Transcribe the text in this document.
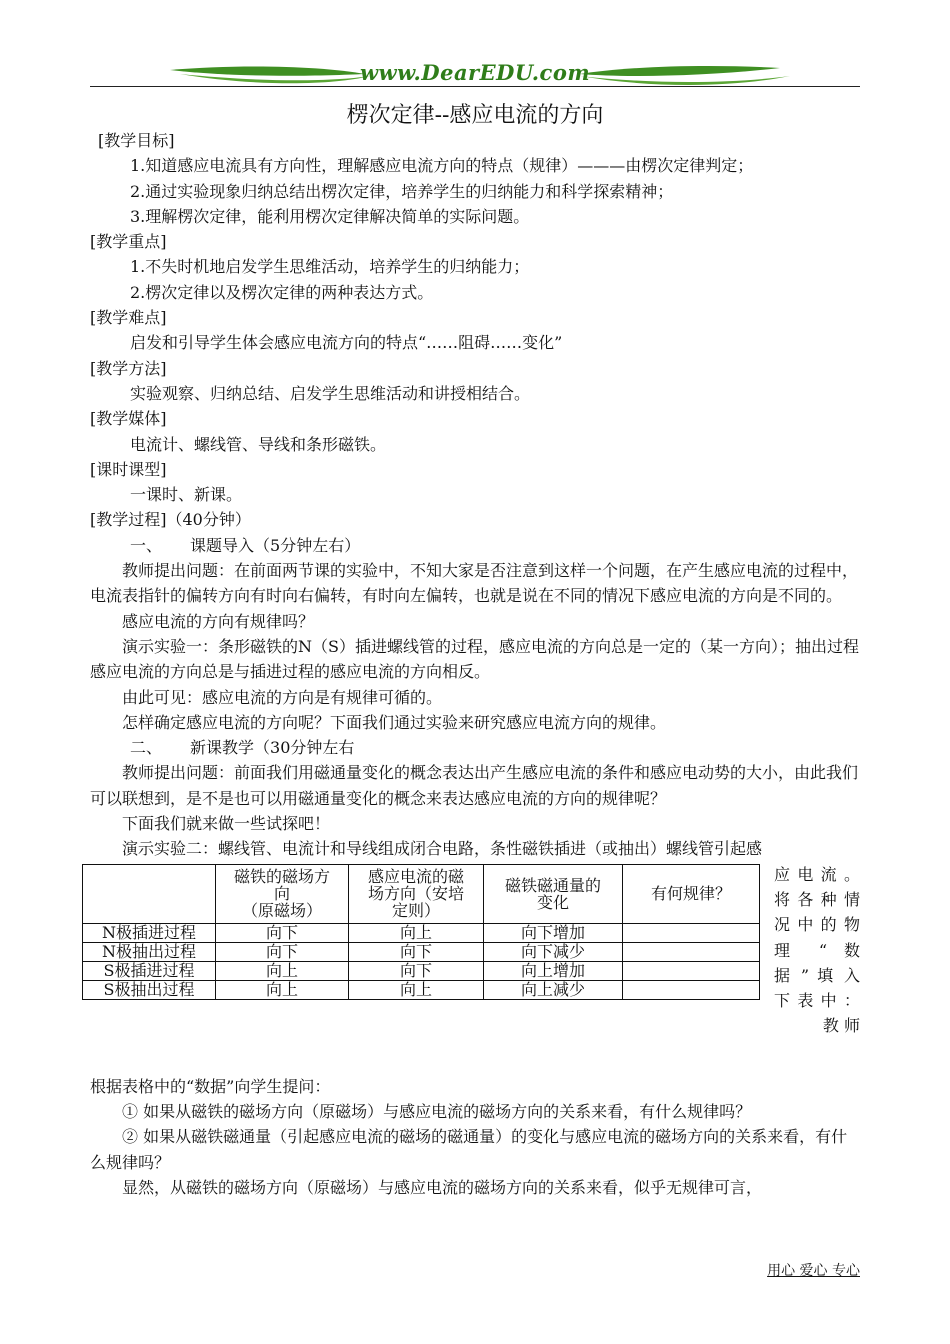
www.DearEDU.com
楞次定律--感应电流的方向

[教学目标]

1.知道感应电流具有方向性，理解感应电流方向的特点（规律）———由楞次定律判定；

2.通过实验现象归纳总结出楞次定律，培养学生的归纳能力和科学探索精神；

3.理解楞次定律，能利用楞次定律解决简单的实际问题。

[教学重点]

1.不失时机地启发学生思维活动，培养学生的归纳能力；

2.楞次定律以及楞次定律的两种表达方式。

[教学难点]

启发和引导学生体会感应电流方向的特点“……阻碍……变化”

[教学方法]

实验观察、归纳总结、启发学生思维活动和讲授相结合。

[教学媒体]

电流计、螺线管、导线和条形磁铁。

[课时课型]

一课时、新课。

[教学过程]（40分钟）

一、 课题导入（5分钟左右）

教师提出问题：在前面两节课的实验中，不知大家是否注意到这样一个问题，在产生感应电流的过程中，电流表指针的偏转方向有时向右偏转，有时向左偏转，也就是说在不同的情况下感应电流的方向是不同的。

感应电流的方向有规律吗？

演示实验一：条形磁铁的N（S）插进螺线管的过程，感应电流的方向总是一定的（某一方向）；抽出过程感应电流的方向总是与插进过程的感应电流的方向相反。

由此可见：感应电流的方向是有规律可循的。

怎样确定感应电流的方向呢？下面我们通过实验来研究感应电流方向的规律。

二、 新课教学（30分钟左右

教师提出问题：前面我们用磁通量变化的概念表达出产生感应电流的条件和感应电动势的大小，由此我们可以联想到，是不是也可以用磁通量变化的概念来表达感应电流的方向的规律呢？

下面我们就来做一些试探吧！

演示实验二：螺线管、电流计和导线组成闭合电路，条性磁铁插进（或抽出）螺线管引起感

	磁铁的磁场方
向
（原磁场）	感应电流的磁
场方向（安培
定则）	磁铁磁通量的
变化	有何规律？
N极插进过程	向下	向上	向下增加	
N极抽出过程	向下	向下	向下减少	
S极插进过程	向上	向下	向上增加	
S极抽出过程	向上	向上	向上减少	
应 电 流 。
将 各 种 情
况 中 的 物
理 “ 数
据 ” 填 入
下 表 中 ：
教 师

根据表格中的“数据”向学生提问：

① 如果从磁铁的磁场方向（原磁场）与感应电流的磁场方向的关系来看，有什么规律吗？

② 如果从磁铁磁通量（引起感应电流的磁场的磁通量）的变化与感应电流的磁场方向的关系来看，有什么规律吗？

显然，从磁铁的磁场方向（原磁场）与感应电流的磁场方向的关系来看，似乎无规律可言，

用心 爱心 专心
